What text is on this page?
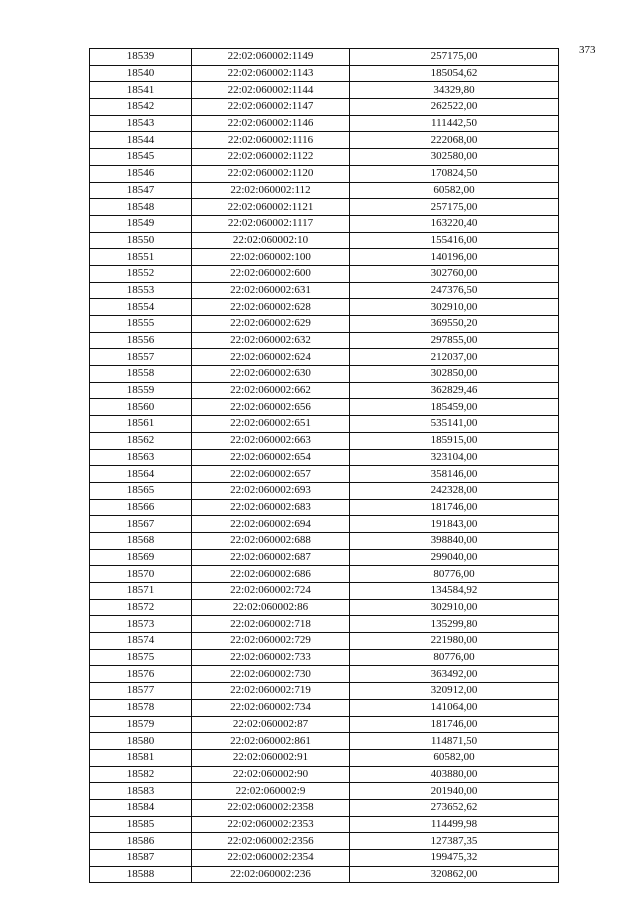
373
18539	22:02:060002:1149	257175,00
18540	22:02:060002:1143	185054,62
18541	22:02:060002:1144	34329,80
18542	22:02:060002:1147	262522,00
18543	22:02:060002:1146	111442,50
18544	22:02:060002:1116	222068,00
18545	22:02:060002:1122	302580,00
18546	22:02:060002:1120	170824,50
18547	22:02:060002:112	60582,00
18548	22:02:060002:1121	257175,00
18549	22:02:060002:1117	163220,40
18550	22:02:060002:10	155416,00
18551	22:02:060002:100	140196,00
18552	22:02:060002:600	302760,00
18553	22:02:060002:631	247376,50
18554	22:02:060002:628	302910,00
18555	22:02:060002:629	369550,20
18556	22:02:060002:632	297855,00
18557	22:02:060002:624	212037,00
18558	22:02:060002:630	302850,00
18559	22:02:060002:662	362829,46
18560	22:02:060002:656	185459,00
18561	22:02:060002:651	535141,00
18562	22:02:060002:663	185915,00
18563	22:02:060002:654	323104,00
18564	22:02:060002:657	358146,00
18565	22:02:060002:693	242328,00
18566	22:02:060002:683	181746,00
18567	22:02:060002:694	191843,00
18568	22:02:060002:688	398840,00
18569	22:02:060002:687	299040,00
18570	22:02:060002:686	80776,00
18571	22:02:060002:724	134584,92
18572	22:02:060002:86	302910,00
18573	22:02:060002:718	135299,80
18574	22:02:060002:729	221980,00
18575	22:02:060002:733	80776,00
18576	22:02:060002:730	363492,00
18577	22:02:060002:719	320912,00
18578	22:02:060002:734	141064,00
18579	22:02:060002:87	181746,00
18580	22:02:060002:861	114871,50
18581	22:02:060002:91	60582,00
18582	22:02:060002:90	403880,00
18583	22:02:060002:9	201940,00
18584	22:02:060002:2358	273652,62
18585	22:02:060002:2353	114499,98
18586	22:02:060002:2356	127387,35
18587	22:02:060002:2354	199475,32
18588	22:02:060002:236	320862,00
